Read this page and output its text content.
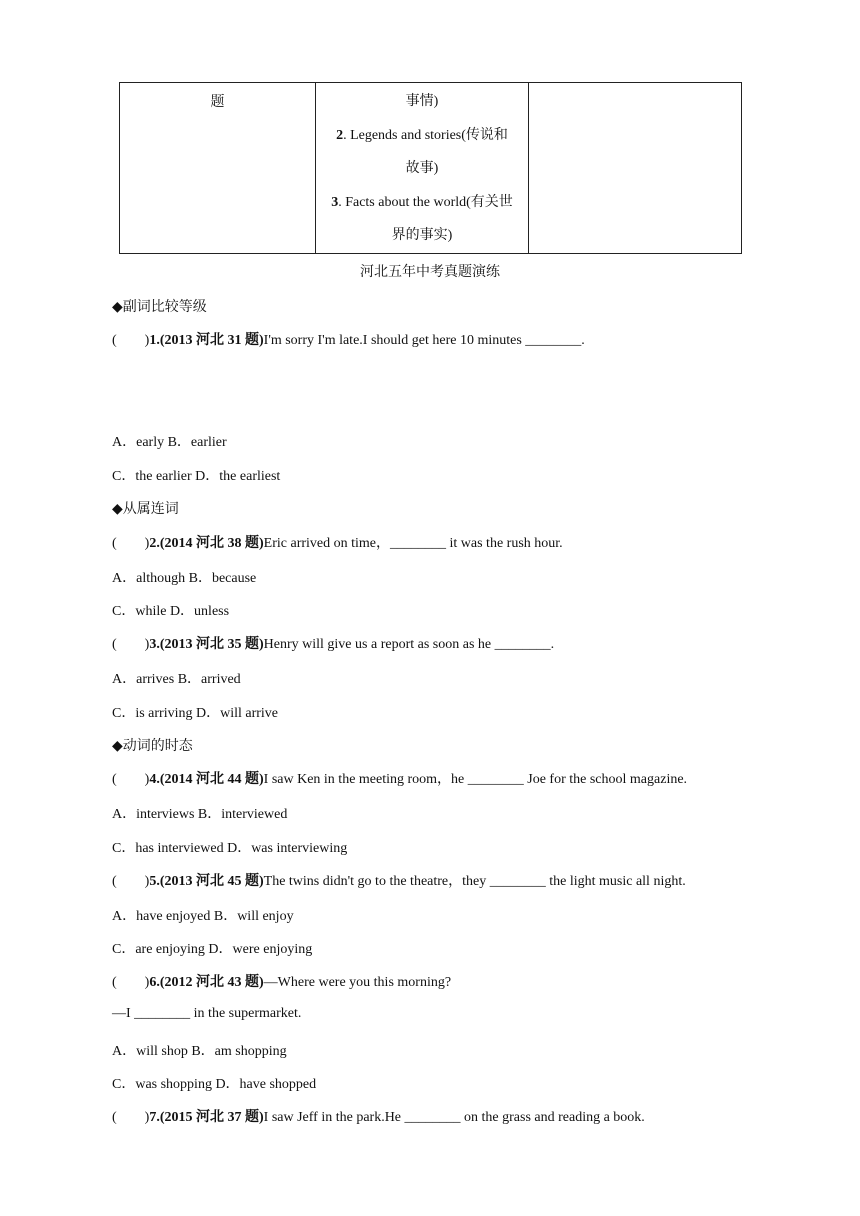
题	事情)
2. Legends and stories(传说和
故事)
3. Facts about the world(有关世
界的事实)

河北五年中考真题演练
◆副词比较等级
(        )1.(2013 河北 31 题)I'm sorry I'm late.I should get here 10 minutes ________.
A．early B．earlier
C．the earlier D．the earliest
◆从属连词
(        )2.(2014 河北 38 题)Eric arrived on time，________ it was the rush hour.
A．although B．because
C．while D．unless
(        )3.(2013 河北 35 题)Henry will give us a report as soon as he ________.
A．arrives B．arrived
C．is arriving D．will arrive
◆动词的时态
(        )4.(2014 河北 44 题)I saw Ken in the meeting room，he ________ Joe for the school magazine.
A．interviews B．interviewed
C．has interviewed D．was interviewing
(        )5.(2013 河北 45 题)The twins didn't go to the theatre，they ________ the light music all night.
A．have enjoyed B．will enjoy
C．are enjoying D．were enjoying
(        )6.(2012 河北 43 题)—Where were you this morning?
—I ________ in the supermarket.
A．will shop B．am shopping
C．was shopping D．have shopped
(        )7.(2015 河北 37 题)I saw Jeff in the park.He ________ on the grass and reading a book.
